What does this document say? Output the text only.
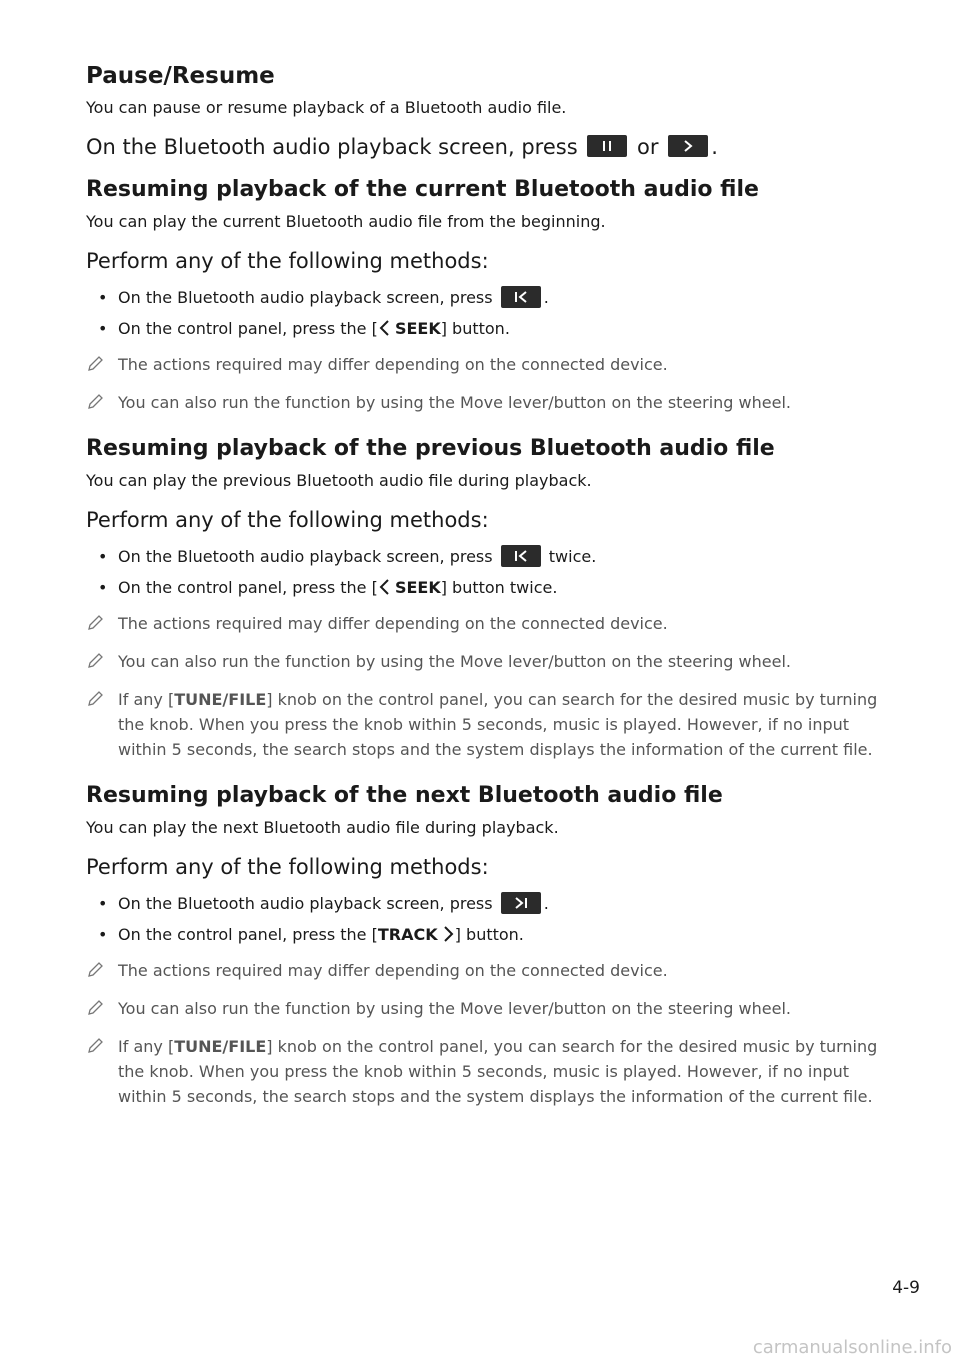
Pause/Resume

You can pause or resume playback of a Bluetooth audio file.

On the Bluetooth audio playback screen, press	or	.

Resuming playback of the current Bluetooth audio file

You can play the current Bluetooth audio file from the beginning.

Perform any of the following methods:

• On the Bluetooth audio playback screen, press	.
• On the control panel, press the [ SEEK] button.
The actions required may differ depending on the connected device.
You can also run the function by using the Move lever/button on the steering wheel.
Resuming playback of the previous Bluetooth audio file

You can play the previous Bluetooth audio file during playback.

Perform any of the following methods:

• On the Bluetooth audio playback screen, press	twice.
• On the control panel, press the [ SEEK] button twice.
The actions required may differ depending on the connected device.
You can also run the function by using the Move lever/button on the steering wheel.
If any [TUNE/FILE] knob on the control panel, you can search for the desired music by turning the knob. When you press the knob within 5 seconds, music is played. However, if no input within 5 seconds, the search stops and the system displays the information of the current file.
Resuming playback of the next Bluetooth audio file

You can play the next Bluetooth audio file during playback.

Perform any of the following methods:

• On the Bluetooth audio playback screen, press	.
• On the control panel, press the [TRACK ] button.
The actions required may differ depending on the connected device.
You can also run the function by using the Move lever/button on the steering wheel.
If any [TUNE/FILE] knob on the control panel, you can search for the desired music by turning the knob. When you press the knob within 5 seconds, music is played. However, if no input within 5 seconds, the search stops and the system displays the information of the current file.
4-9
carmanualsonline.info
